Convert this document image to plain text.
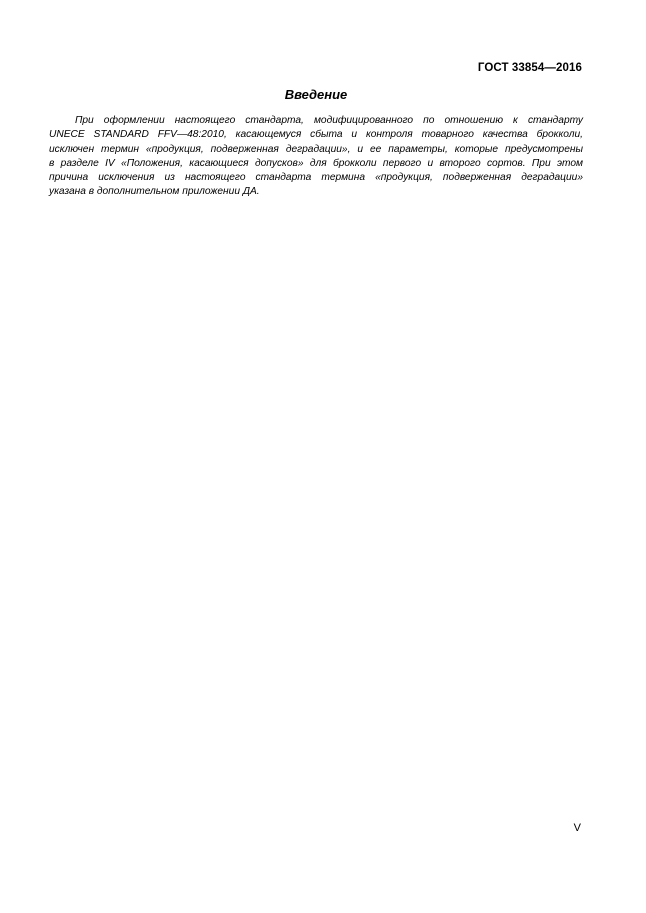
ГОСТ 33854—2016
Введение

При оформлении настоящего стандарта, модифицированного по отношению к стандарту
UNECE STANDARD FFV—48:2010, касающемуся сбыта и контроля товарного качества брокколи,
исключен термин «продукция, подверженная деградации», и ее параметры, которые предусмотрены
в разделе IV «Положения, касающиеся допусков» для брокколи первого и второго сортов. При этом
причина исключения из настоящего стандарта термина «продукция, подверженная деградации»
указана в дополнительном приложении ДА.

V
